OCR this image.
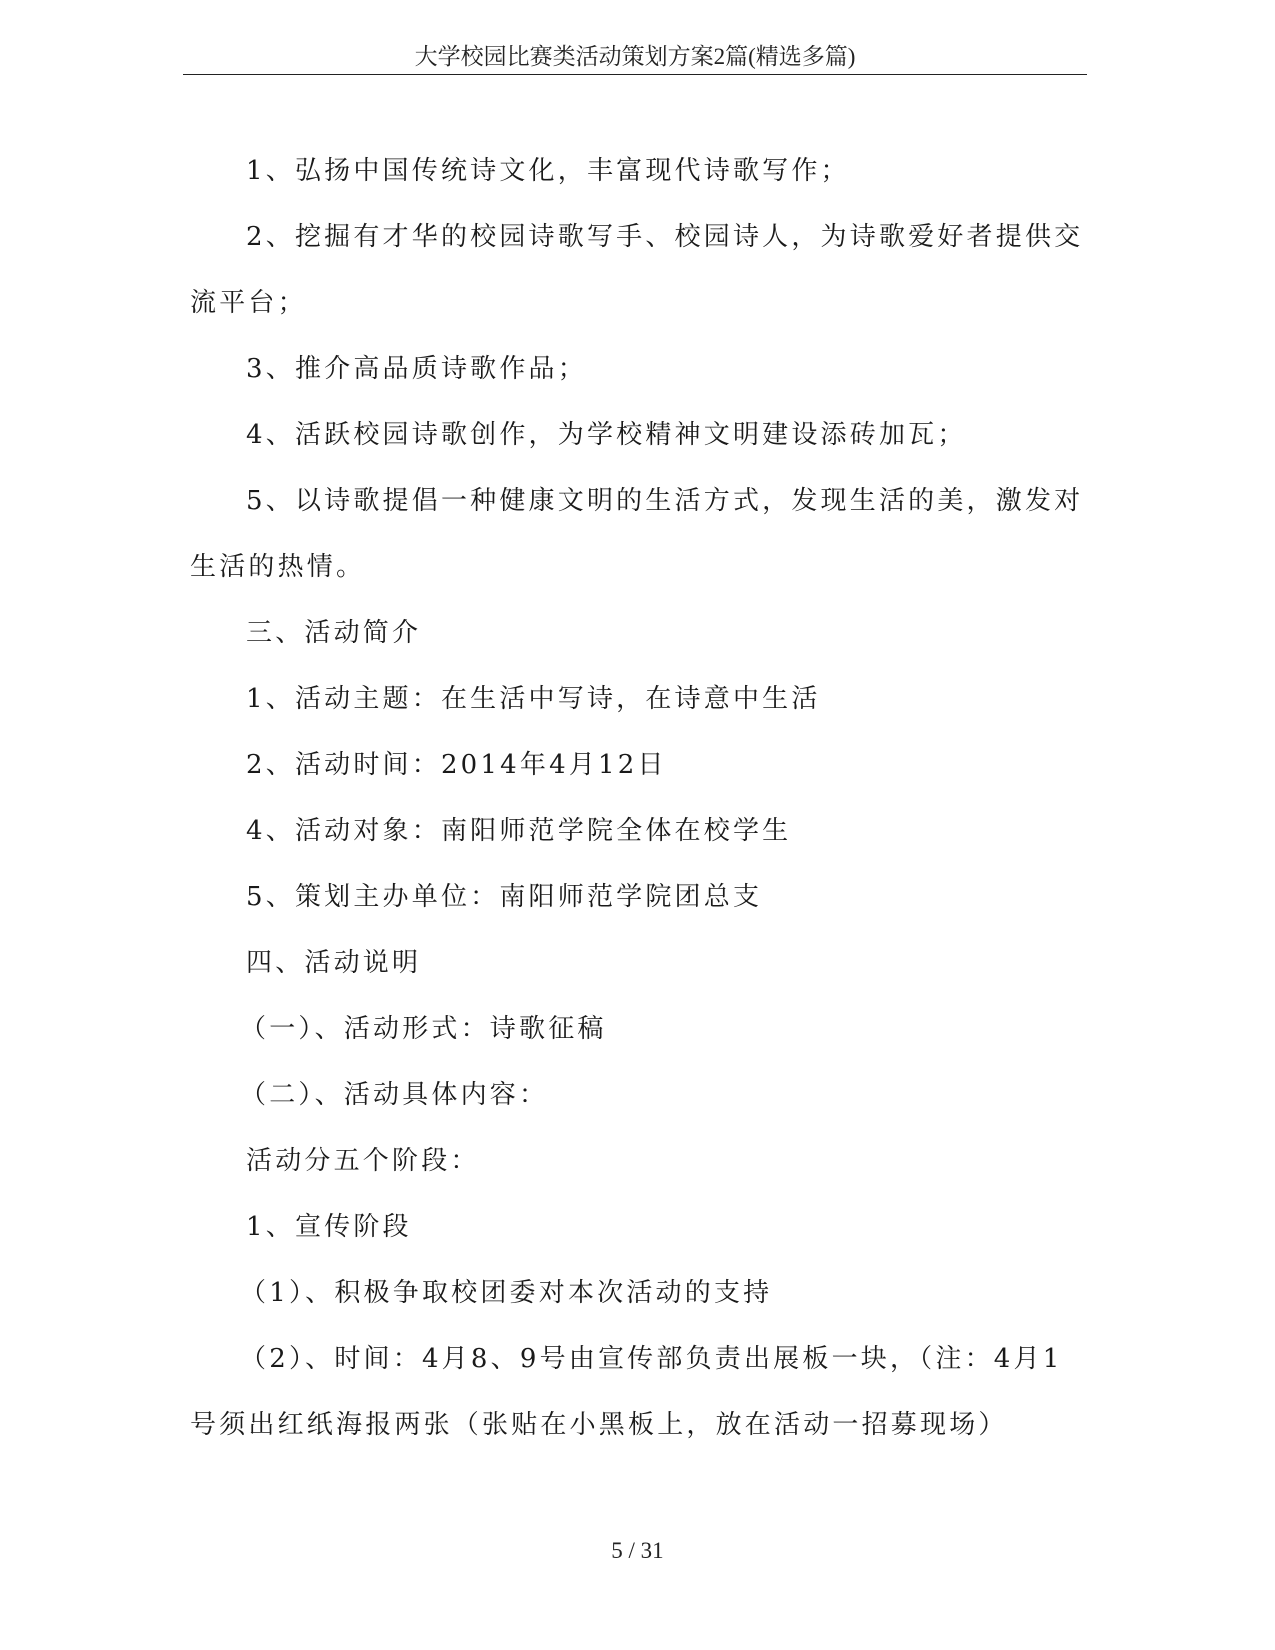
大学校园比赛类活动策划方案2篇(精选多篇)
1、弘扬中国传统诗文化，丰富现代诗歌写作；
2、挖掘有才华的校园诗歌写手、校园诗人，为诗歌爱好者提供交
流平台；
3、推介高品质诗歌作品；
4、活跃校园诗歌创作，为学校精神文明建设添砖加瓦；
5、以诗歌提倡一种健康文明的生活方式，发现生活的美，激发对
生活的热情。
三、活动简介
1、活动主题：在生活中写诗，在诗意中生活
2、活动时间：2014年4月12日
4、活动对象：南阳师范学院全体在校学生
5、策划主办单位：南阳师范学院团总支
四、活动说明
（一）、活动形式：诗歌征稿
（二）、活动具体内容：
活动分五个阶段：
1、宣传阶段
（1）、积极争取校团委对本次活动的支持
（2）、时间：4月8、9号由宣传部负责出展板一块，（注：4月1
号须出红纸海报两张（张贴在小黑板上，放在活动一招募现场）
5 / 31
